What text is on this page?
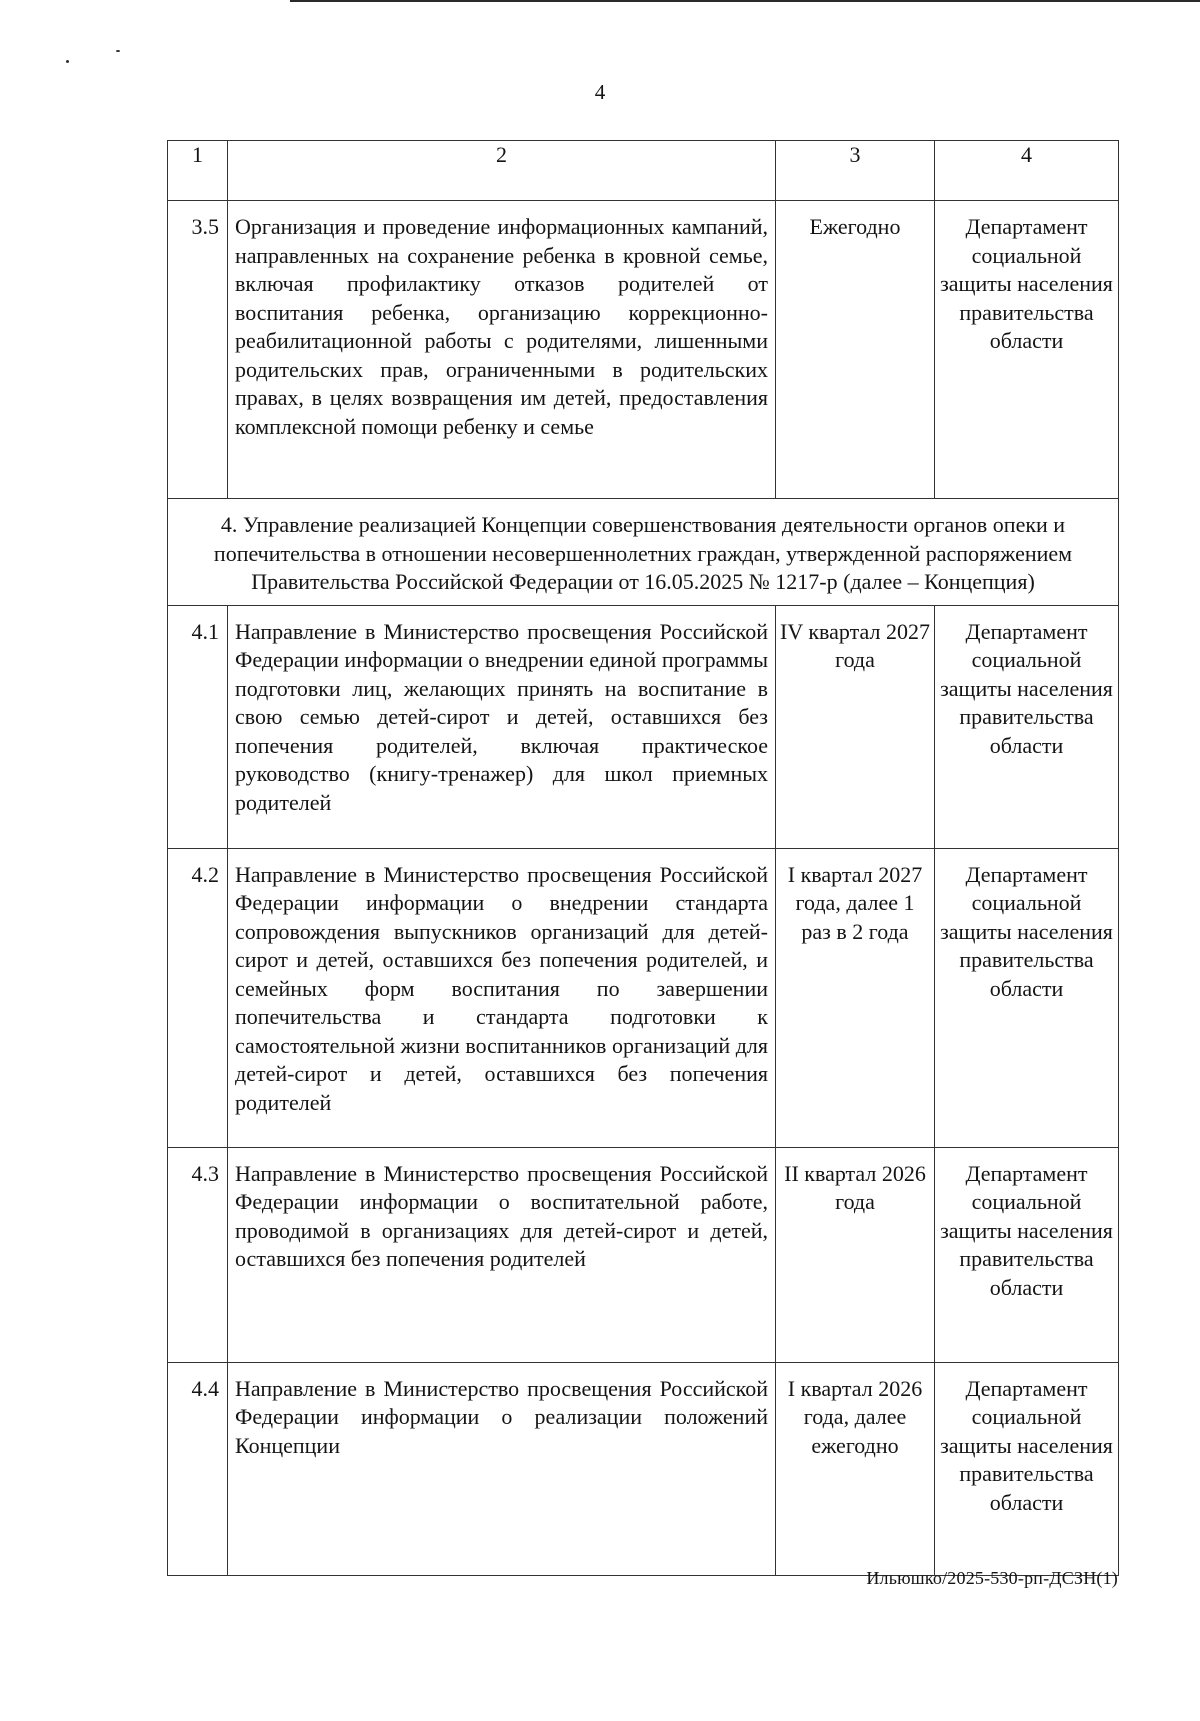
4
1	2	3	4
3.5	Организация и проведение информационных кампаний, направленных на сохранение ребенка в кровной семье, включая профилактику отказов родителей от воспитания ребенка, организацию коррекционно-реабилитационной работы с родителями, лишенными родительских прав, ограниченными в родительских правах, в целях возвращения им детей, предоставления комплексной помощи ребенку и семье	Ежегодно	Департамент социальной защиты населения правительства области
4. Управление реализацией Концепции совершенствования деятельности органов опеки и попечительства в отношении несовершеннолетних граждан, утвержденной распоряжением Правительства Российской Федерации от 16.05.2025 № 1217-р (далее – Концепция)			
4.1	Направление в Министерство просвещения Российской Федерации информации о внедрении единой программы подготовки лиц, желающих принять на воспитание в свою семью детей-сирот и детей, оставшихся без попечения родителей, включая практическое руководство (книгу-тренажер) для школ приемных родителей	IV квартал 2027 года	Департамент социальной защиты населения правительства области
4.2	Направление в Министерство просвещения Российской Федерации информации о внедрении стандарта сопровождения выпускников организаций для детей-сирот и детей, оставшихся без попечения родителей, и семейных форм воспитания по завершении попечительства и стандарта подготовки к самостоятельной жизни воспитанников организаций для детей-сирот и детей, оставшихся без попечения родителей	I квартал 2027 года, далее 1 раз в 2 года	Департамент социальной защиты населения правительства области
4.3	Направление в Министерство просвещения Российской Федерации информации о воспитательной работе, проводимой в организациях для детей-сирот и детей, оставшихся без попечения родителей	II квартал 2026 года	Департамент социальной защиты населения правительства области
4.4	Направление в Министерство просвещения Российской Федерации информации о реализации положений Концепции	I квартал 2026 года, далее ежегодно	Департамент социальной защиты населения правительства области
Ильюшко/2025-530-рп-ДСЗН(1)
